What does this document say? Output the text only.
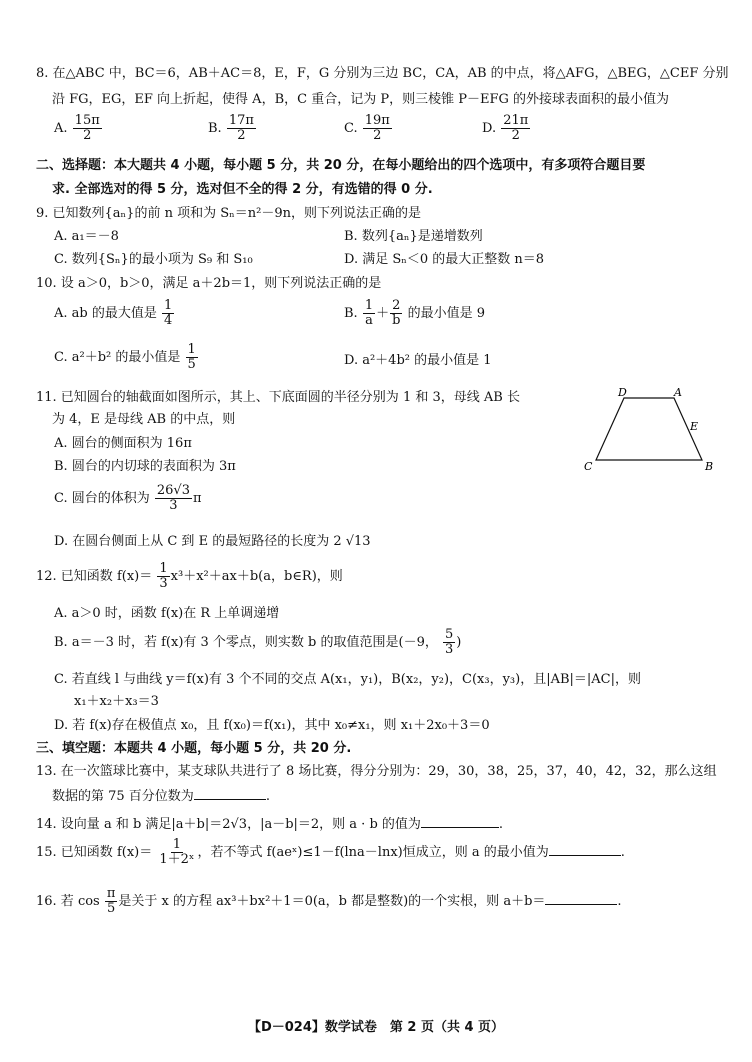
8. 在△ABC 中，BC＝6，AB＋AC＝8，E，F，G 分别为三边 BC，CA，AB 的中点，将△AFG，△BEG，△CEF 分别
沿 FG，EG，EF 向上折起，使得 A，B，C 重合，记为 P，则三棱锥 P－EFG 的外接球表面积的最小值为
A. $\frac{15\pi}{2}$	B. $\frac{17\pi}{2}$	C. $\frac{19\pi}{2}$	D. $\frac{21\pi}{2}$
二、选择题：本大题共 4 小题，每小题 5 分，共 20 分，在每小题给出的四个选项中，有多项符合题目要
求. 全部选对的得 5 分，选对但不全的得 2 分，有选错的得 0 分.
9. 已知数列{aₙ}的前 n 项和为 Sₙ＝n²－9n，则下列说法正确的是
A. a₁＝－8	B. 数列{aₙ}是递增数列
C. 数列{Sₙ}的最小项为 S₉ 和 S₁₀	D. 满足 Sₙ＜0 的最大正整数 n＝8
10. 设 a＞0，b＞0，满足 a＋2b＝1，则下列说法正确的是
A. ab 的最大值是 $\frac{1}{4}$	B. $\frac{1}{a} + \frac{2}{b}$ 的最小值是 9
C. a²＋b² 的最小值是 $\frac{1}{5}$	D. a²＋4b² 的最小值是 1
11. 已知圆台的轴截面如图所示，其上、下底面圆的半径分别为 1 和 3，母线 AB 长
为 4，E 是母线 AB 的中点，则
A. 圆台的侧面积为 16π
B. 圆台的内切球的表面积为 3π
C. 圆台的体积为 $\frac{26√3}{3}$ π
D. 在圆台侧面上从 C 到 E 的最短路径的长度为 2 √13
D	A
E
C	B
12. 已知函数 $f(x)= \frac{1}{3} x^3+x^2+ax+b(a$，b∈R)，则
A. a＞0 时，函数 f(x)在 R 上单调递增
B. a＝－3 时，若 f(x)有 3 个零点，则实数 b 的取值范围是(－9， $\frac{5}{3}$ )
C. 若直线 l 与曲线 y＝f(x)有 3 个不同的交点 A(x₁，y₁)，B(x₂，y₂)，C(x₃，y₃)，且|AB|＝|AC|，则
x₁＋x₂＋x₃＝3
D. 若 f(x)存在极值点 x₀，且 f(x₀)＝f(x₁)，其中 x₀≠x₁，则 x₁＋2x₀＋3＝0
三、填空题：本题共 4 小题，每小题 5 分，共 20 分.
13. 在一次篮球比赛中，某支球队共进行了 8 场比赛，得分分别为：29，30，38，25，37，40，42，32，那么这组
数据的第 75 百分位数为	.
14. 设向量 a 和 b 满足|a＋b|＝2√3，|a－b|＝2，则 a · b 的值为	.
15. 已知函数 $f(x)= \frac{1}{\text{1＋2ˣ}}$ ，若不等式 f(aeˣ)≤1－f(lna－lnx)恒成立，则 a 的最小值为	.
16. 若 $\cos \frac{\pi}{5}$ 是关于 x 的方程 ax³＋bx²＋1＝0(a，b 都是整数)的一个实根，则 a＋b＝	.
【D－024】数学试卷　第 2 页（共 4 页）
